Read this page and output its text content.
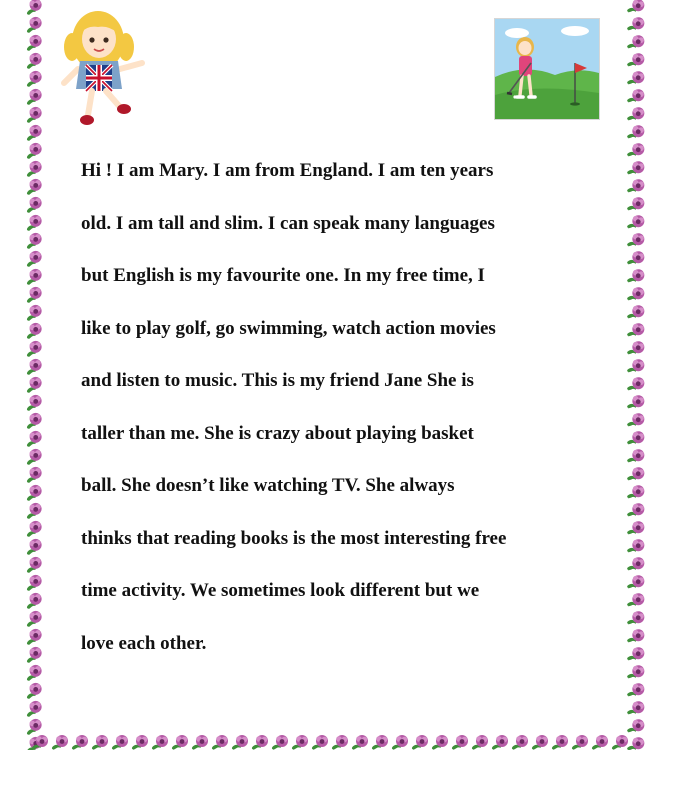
Hi ! I am Mary. I am from England. I am ten years
old. I am tall and slim. I can speak many languages
but English is my favourite one. In my free time, I
like to play golf, go swimming, watch action movies
and listen to music. This is my friend Jane She is
taller than me. She is crazy about playing basket
ball. She doesn’t like watching TV. She always
thinks that reading books is the most interesting free
time activity. We sometimes look different but we
love each other.
